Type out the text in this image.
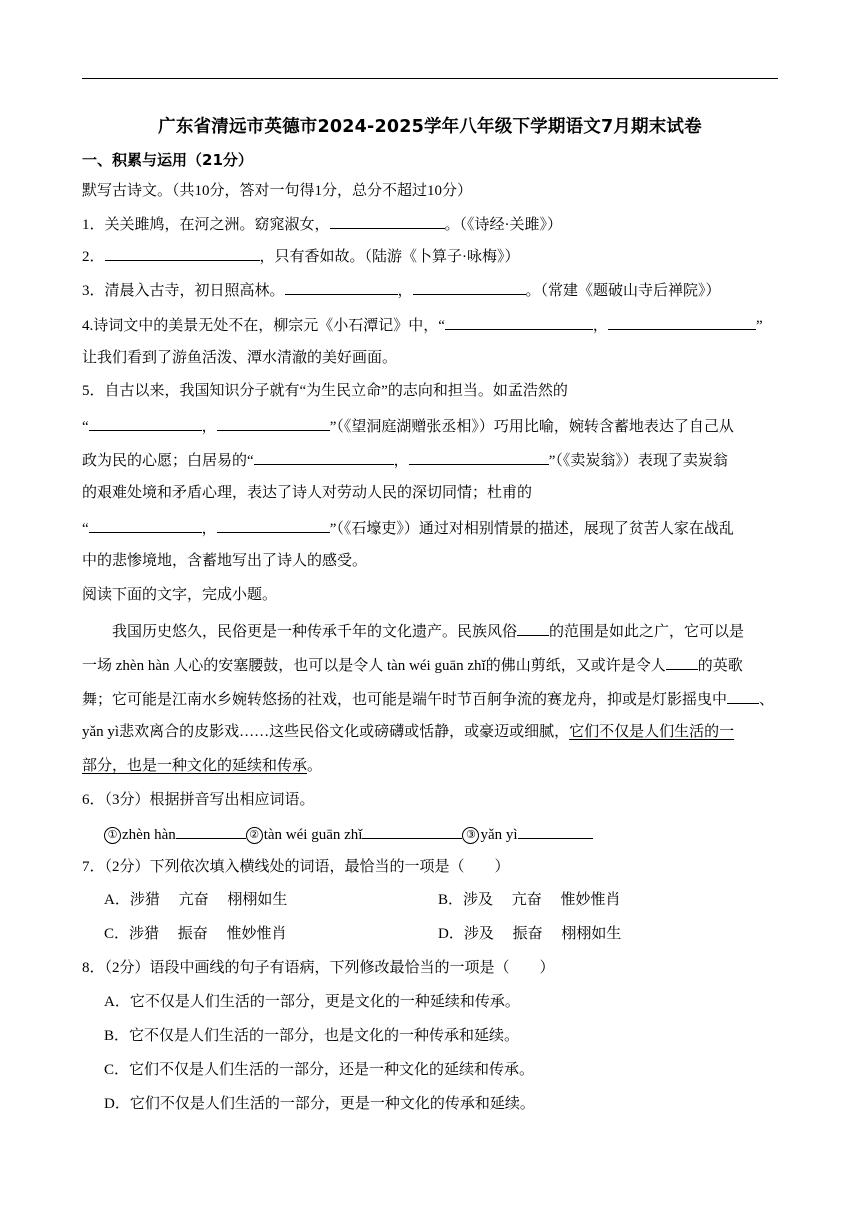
广东省清远市英德市2024-2025学年八年级下学期语文7月期末试卷
一、积累与运用（21分）
默写古诗文。（共10分，答对一句得1分，总分不超过10分）
1．关关雎鸠，在河之洲。窈窕淑女，	。（《诗经·关雎》）
2．	，只有香如故。（陆游《卜算子·咏梅》）
3．清晨入古寺，初日照高林。	，	。（常建《题破山寺后禅院》）
4.诗词文中的美景无处不在，柳宗元《小石潭记》中，“	，	”
让我们看到了游鱼活泼、潭水清澈的美好画面。
5．自古以来，我国知识分子就有“为生民立命”的志向和担当。如孟浩然的
“	，	”（《望洞庭湖赠张丞相》）巧用比喻，婉转含蓄地表达了自己从
政为民的心愿；白居易的“	，	”（《卖炭翁》）表现了卖炭翁
的艰难处境和矛盾心理，表达了诗人对劳动人民的深切同情；杜甫的
“	，	”（《石壕吏》）通过对相别情景的描述，展现了贫苦人家在战乱
中的悲惨境地，含蓄地写出了诗人的感受。
阅读下面的文字，完成小题。
我国历史悠久，民俗更是一种传承千年的文化遗产。民族风俗 的范围是如此之广，它可以是
一场 zhèn hàn 人心的安塞腰鼓，也可以是令人 tàn wéi guān zhǐ的佛山剪纸，又或许是令人 的英歌
舞；它可能是江南水乡婉转悠扬的社戏，也可能是端午时节百舸争流的赛龙舟，抑或是灯影摇曳中 、
yǎn yì悲欢离合的皮影戏……这些民俗文化或磅礴或恬静，或豪迈或细腻，它们不仅是人们生活的一
部分，也是一种文化的延续和传承。
6．（3分）根据拼音写出相应词语。
① zhèn hàn	② tàn wéi guān zhǐ	③ yǎn yì
7．（2分）下列依次填入横线处的词语，最恰当的一项是（　　）
A．涉猎　 亢奋　 栩栩如生	B．涉及　 亢奋　 惟妙惟肖
C．涉猎　 振奋　 惟妙惟肖	D．涉及　 振奋　 栩栩如生
8．（2分）语段中画线的句子有语病，下列修改最恰当的一项是（　　）
A．它不仅是人们生活的一部分，更是文化的一种延续和传承。
B．它不仅是人们生活的一部分，也是文化的一种传承和延续。
C．它们不仅是人们生活的一部分，还是一种文化的延续和传承。
D．它们不仅是人们生活的一部分，更是一种文化的传承和延续。
